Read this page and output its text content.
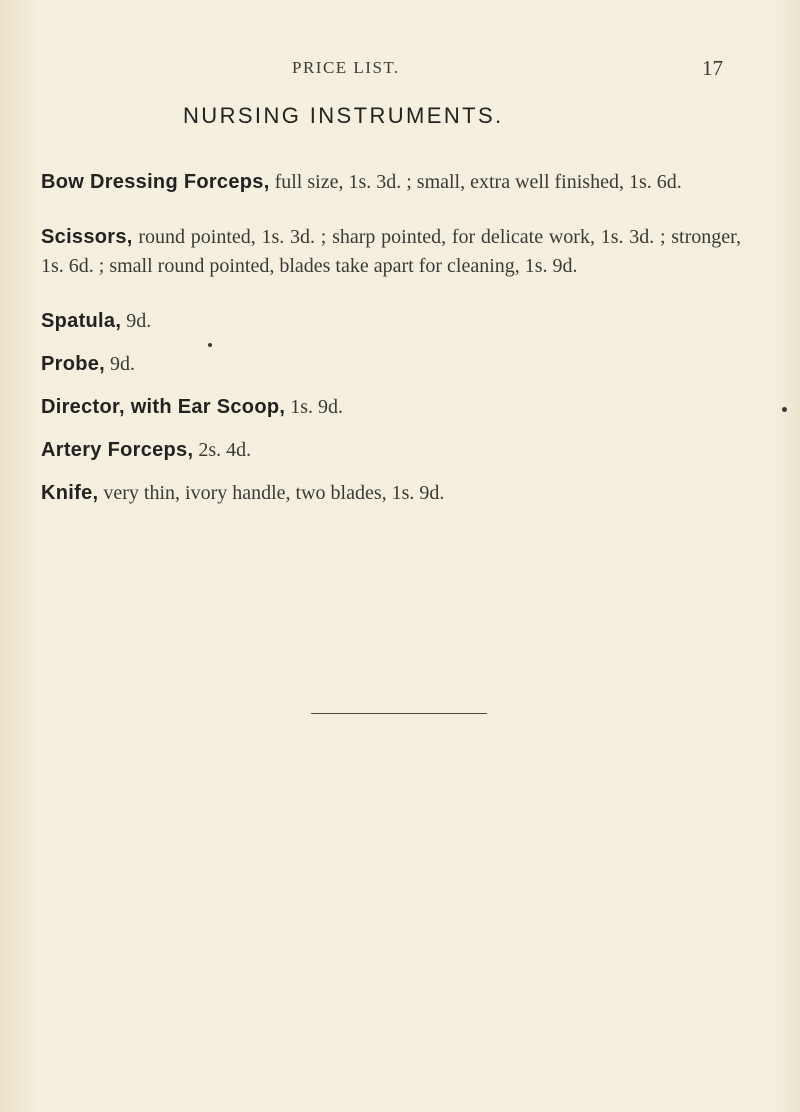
PRICE LIST.	17
NURSING INSTRUMENTS.

Bow Dressing Forceps, full size, 1s. 3d. ; small, extra well finished, 1s. 6d.

Scissors, round pointed, 1s. 3d. ; sharp pointed, for delicate work, 1s. 3d. ; stronger, 1s. 6d. ; small round pointed, blades take apart for cleaning, 1s. 9d.

Spatula, 9d.

Probe, 9d.

Director, with Ear Scoop, 1s. 9d.

Artery Forceps, 2s. 4d.

Knife, very thin, ivory handle, two blades, 1s. 9d.
